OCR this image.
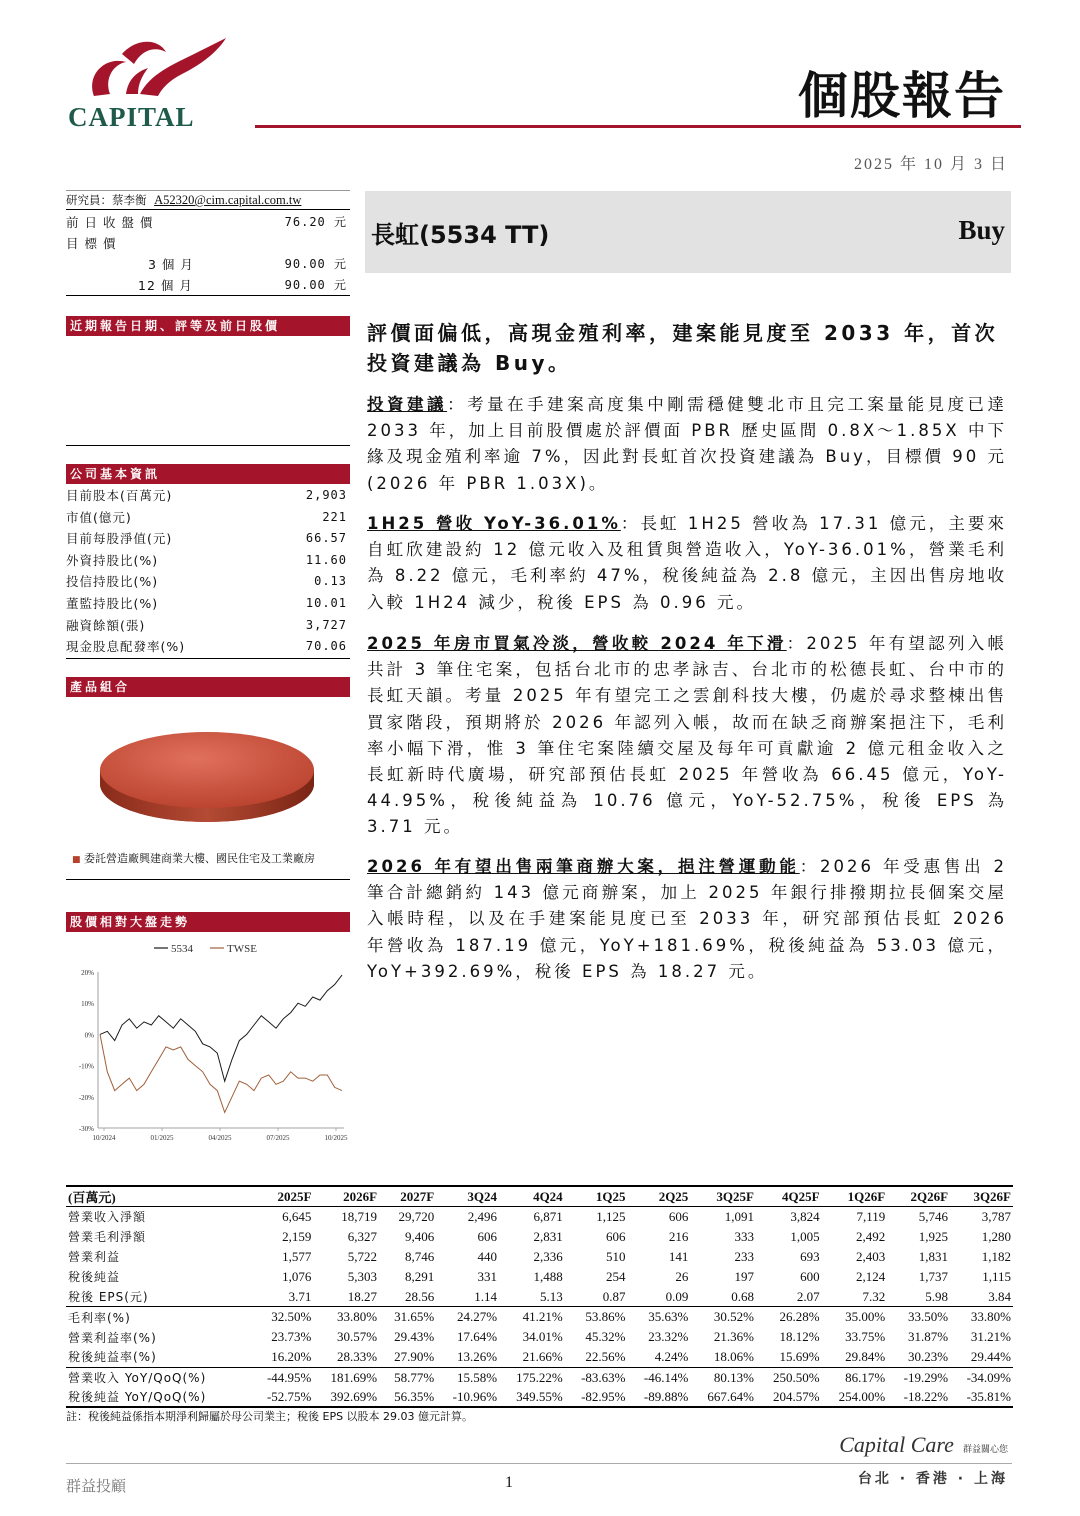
CAPITAL	個股報告
2025 年 10 月 3 日
研究員：蔡李衡 A52320@cim.capital.com.tw
前 日 收 盤 價	76.20 元
目 標 價
3 個 月	90.00 元
12 個 月	90.00 元
近期報告日期、評等及前日股價
公司基本資訊
目前股本(百萬元)	2,903
市值(億元)	221
目前每股淨值(元)	66.57
外資持股比(%)	11.60
投信持股比(%)	0.13
董監持股比(%)	10.01
融資餘額(張)	3,727
現金股息配發率(%)	70.06
產品組合
■ 委託營造廠興建商業大樓、國民住宅及工業廠房
股價相對大盤走勢
5534	TWSE
20%
10%
0%
-10%
-20%
-30%
10/2024	01/2025	04/2025	07/2025	10/2025
長虹(5534 TT)	Buy
評價面偏低，高現金殖利率，建案能見度至 2033 年，首次投資建議為 Buy。
投資建議：考量在手建案高度集中剛需穩健雙北市且完工案量能見度已達 2033 年，加上目前股價處於評價面 PBR 歷史區間 0.8X～1.85X 中下緣及現金殖利率逾 7%，因此對長虹首次投資建議為 Buy，目標價 90 元(2026 年 PBR 1.03X)。
1H25 營收 YoY-36.01%：長虹 1H25 營收為 17.31 億元，主要來自虹欣建設約 12 億元收入及租賃與營造收入，YoY-36.01%，營業毛利為 8.22 億元，毛利率約 47%，稅後純益為 2.8 億元，主因出售房地收入較 1H24 減少，稅後 EPS 為 0.96 元。
2025 年房市買氣冷淡，營收較 2024 年下滑：2025 年有望認列入帳共計 3 筆住宅案，包括台北市的忠孝詠吉、台北市的松德長虹、台中市的長虹天韻。考量 2025 年有望完工之雲創科技大樓，仍處於尋求整棟出售買家階段，預期將於 2026 年認列入帳，故而在缺乏商辦案挹注下，毛利率小幅下滑，惟 3 筆住宅案陸續交屋及每年可貢獻逾 2 億元租金收入之長虹新時代廣場，研究部預估長虹 2025 年營收為 66.45 億元，YoY-44.95%，稅後純益為 10.76 億元，YoY-52.75%，稅後 EPS 為 3.71 元。
2026 年有望出售兩筆商辦大案，挹注營運動能：2026 年受惠售出 2 筆合計總銷約 143 億元商辦案，加上 2025 年銀行排撥期拉長個案交屋入帳時程，以及在手建案能見度已至 2033 年，研究部預估長虹 2026 年營收為 187.19 億元，YoY+181.69%，稅後純益為 53.03 億元，YoY+392.69%，稅後 EPS 為 18.27 元。
(百萬元)	2025F	2026F	2027F	3Q24	4Q24	1Q25	2Q25	3Q25F	4Q25F	1Q26F	2Q26F	3Q26F
營業收入淨額	6,645	18,719	29,720	2,496	6,871	1,125	606	1,091	3,824	7,119	5,746	3,787
營業毛利淨額	2,159	6,327	9,406	606	2,831	606	216	333	1,005	2,492	1,925	1,280
營業利益	1,577	5,722	8,746	440	2,336	510	141	233	693	2,403	1,831	1,182
稅後純益	1,076	5,303	8,291	331	1,488	254	26	197	600	2,124	1,737	1,115
稅後 EPS(元)	3.71	18.27	28.56	1.14	5.13	0.87	0.09	0.68	2.07	7.32	5.98	3.84
毛利率(%)	32.50%	33.80%	31.65%	24.27%	41.21%	53.86%	35.63%	30.52%	26.28%	35.00%	33.50%	33.80%
營業利益率(%)	23.73%	30.57%	29.43%	17.64%	34.01%	45.32%	23.32%	21.36%	18.12%	33.75%	31.87%	31.21%
稅後純益率(%)	16.20%	28.33%	27.90%	13.26%	21.66%	22.56%	4.24%	18.06%	15.69%	29.84%	30.23%	29.44%
營業收入 YoY/QoQ(%)	-44.95%	181.69%	58.77%	15.58%	175.22%	-83.63%	-46.14%	80.13%	250.50%	86.17%	-19.29%	-34.09%
稅後純益 YoY/QoQ(%)	-52.75%	392.69%	56.35%	-10.96%	349.55%	-82.95%	-89.88%	667.64%	204.57%	254.00%	-18.22%	-35.81%
註：稅後純益係指本期淨利歸屬於母公司業主；稅後 EPS 以股本 29.03 億元計算。
Capital Care 群益關心您
台北 · 香港 · 上海
群益投顧	1
